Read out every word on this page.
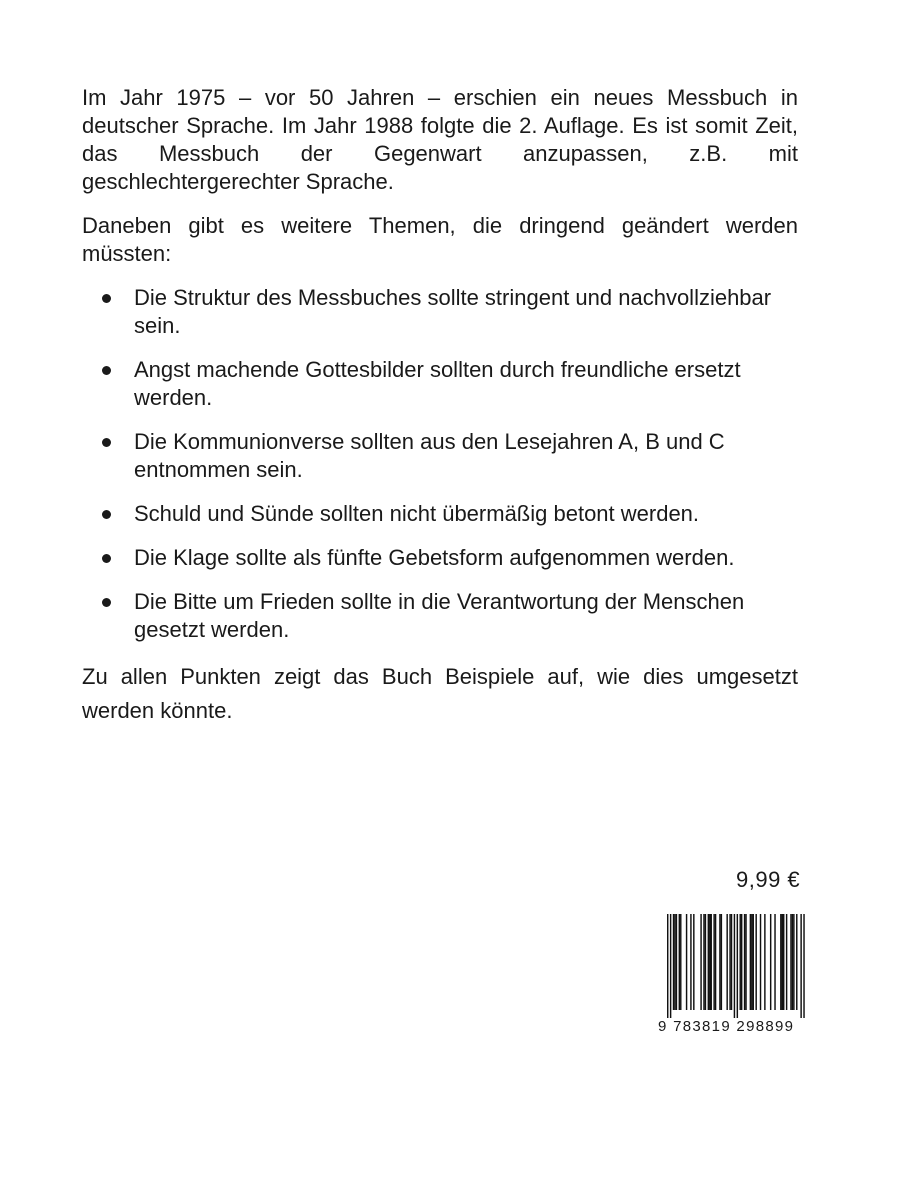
Im Jahr 1975 – vor 50 Jahren – erschien ein neues Messbuch in deutscher Sprache. Im Jahr 1988 folgte die 2. Auflage. Es ist somit Zeit, das Messbuch der Gegenwart anzupassen, z.B. mit geschlechtergerechter Sprache.

Daneben gibt es weitere Themen, die dringend geändert werden müssten:

Die Struktur des Messbuches sollte stringent und nachvollziehbar sein.
Angst machende Gottesbilder sollten durch freundliche ersetzt werden.
Die Kommunionverse sollten aus den Lesejahren A, B und C entnommen sein.
Schuld und Sünde sollten nicht übermäßig betont werden.
Die Klage sollte als fünfte Gebetsform aufgenommen werden.
Die Bitte um Frieden sollte in die Verantwortung der Menschen gesetzt werden.

Zu allen Punkten zeigt das Buch Beispiele auf, wie dies umgesetzt werden könnte.

9,99 €
9 783819 298899
